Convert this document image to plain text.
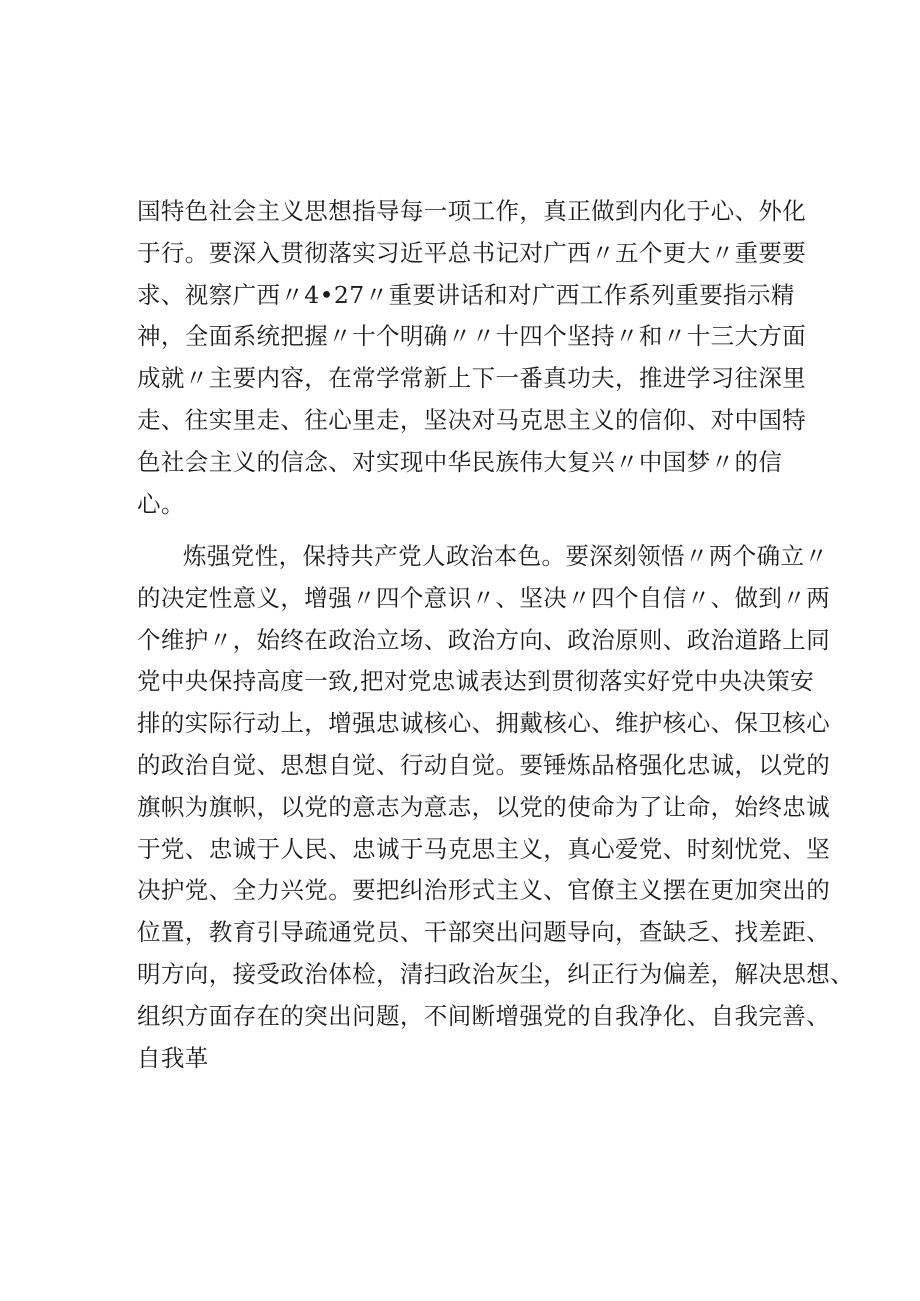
国特色社会主义思想指导每一项工作，真正做到内化于心、外化
于行。要深入贯彻落实习近平总书记对广西〃五个更大〃重要要
求、视察广西〃4•27〃重要讲话和对广西工作系列重要指示精
神，全面系统把握〃十个明确〃〃十四个坚持〃和〃十三大方面
成就〃主要内容，在常学常新上下一番真功夫，推进学习往深里
走、往实里走、往心里走，坚决对马克思主义的信仰、对中国特
色社会主义的信念、对实现中华民族伟大复兴〃中国梦〃的信
心。
炼强党性，保持共产党人政治本色。要深刻领悟〃两个确立〃
的决定性意义，增强〃四个意识〃、坚决〃四个自信〃、做到〃两
个维护〃，始终在政治立场、政治方向、政治原则、政治道路上同
党中央保持高度一致,把对党忠诚表达到贯彻落实好党中央决策安
排的实际行动上，增强忠诚核心、拥戴核心、维护核心、保卫核心
的政治自觉、思想自觉、行动自觉。要锤炼品格强化忠诚，以党的
旗帜为旗帜，以党的意志为意志，以党的使命为了让命，始终忠诚
于党、忠诚于人民、忠诚于马克思主义，真心爱党、时刻忧党、坚
决护党、全力兴党。要把纠治形式主义、官僚主义摆在更加突出的
位置，教育引导疏通党员、干部突出问题导向，查缺乏、找差距、
明方向，接受政治体检，清扫政治灰尘，纠正行为偏差，解决思想、
组织方面存在的突出问题，不间断增强党的自我净化、自我完善、
自我革
